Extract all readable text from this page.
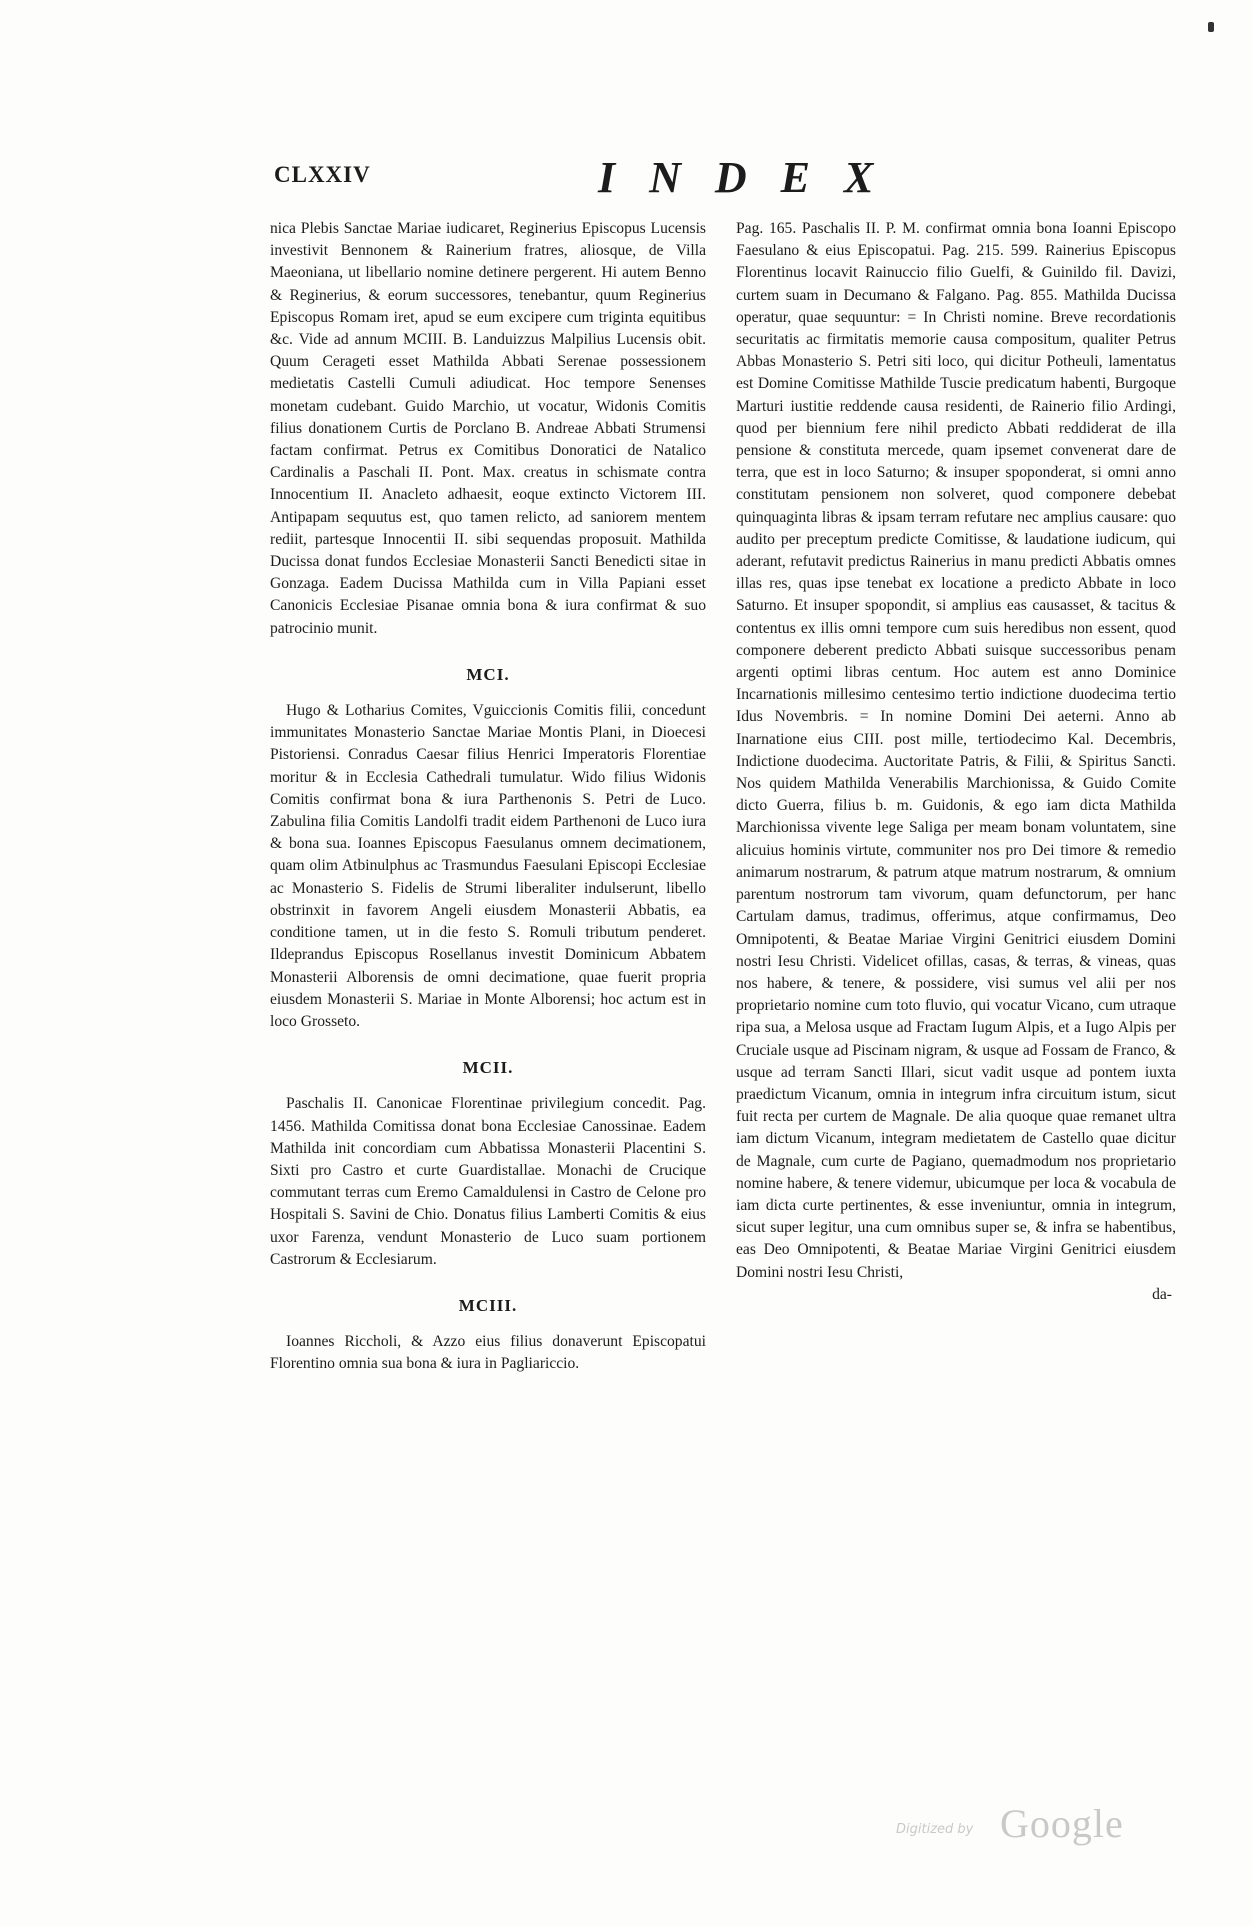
CLXXIV	INDEX

nica Plebis Sanctae Mariae iudicaret, Reginerius Episcopus Lucensis investivit Bennonem & Rainerium fratres, aliosque, de Villa Maeoniana, ut libellario nomine detinere pergerent. Hi autem Benno & Reginerius, & eorum successores, tenebantur, quum Reginerius Episcopus Romam iret, apud se eum excipere cum triginta equitibus &c. Vide ad annum MCIII. B. Landuizzus Malpilius Lucensis obit. Quum Cerageti esset Mathilda Abbati Serenae possessionem medietatis Castelli Cumuli adiudicat. Hoc tempore Senenses monetam cudebant. Guido Marchio, ut vocatur, Widonis Comitis filius donationem Curtis de Porclano B. Andreae Abbati Strumensi factam confirmat. Petrus ex Comitibus Donoratici de Natalico Cardinalis a Paschali II. Pont. Max. creatus in schismate contra Innocentium II. Anacleto adhaesit, eoque extincto Victorem III. Antipapam sequutus est, quo tamen relicto, ad saniorem mentem rediit, partesque Innocentii II. sibi sequendas proposuit. Mathilda Ducissa donat fundos Ecclesiae Monasterii Sancti Benedicti sitae in Gonzaga. Eadem Ducissa Mathilda cum in Villa Papiani esset Canonicis Ecclesiae Pisanae omnia bona & iura confirmat & suo patrocinio munit.

MCI.

Hugo & Lotharius Comites, Vguiccionis Comitis filii, concedunt immunitates Monasterio Sanctae Mariae Montis Plani, in Dioecesi Pistoriensi. Conradus Caesar filius Henrici Imperatoris Florentiae moritur & in Ecclesia Cathedrali tumulatur. Wido filius Widonis Comitis confirmat bona & iura Parthenonis S. Petri de Luco. Zabulina filia Comitis Landolfi tradit eidem Parthenoni de Luco iura & bona sua. Ioannes Episcopus Faesulanus omnem decimationem, quam olim Atbinulphus ac Trasmundus Faesulani Episcopi Ecclesiae ac Monasterio S. Fidelis de Strumi liberaliter indulserunt, libello obstrinxit in favorem Angeli eiusdem Monasterii Abbatis, ea conditione tamen, ut in die festo S. Romuli tributum penderet. Ildeprandus Episcopus Rosellanus investit Dominicum Abbatem Monasterii Alborensis de omni decimatione, quae fuerit propria eiusdem Monasterii S. Mariae in Monte Alborensi; hoc actum est in loco Grosseto.

MCII.

Paschalis II. Canonicae Florentinae privilegium concedit. Pag. 1456. Mathilda Comitissa donat bona Ecclesiae Canossinae. Eadem Mathilda init concordiam cum Abbatissa Monasterii Placentini S. Sixti pro Castro et curte Guardistallae. Monachi de Crucique commutant terras cum Eremo Camaldulensi in Castro de Celone pro Hospitali S. Savini de Chio. Donatus filius Lamberti Comitis & eius uxor Farenza, vendunt Monasterio de Luco suam portionem Castrorum & Ecclesiarum.

MCIII.

Ioannes Riccholi, & Azzo eius filius donaverunt Episcopatui Florentino omnia sua bona & iura in Pagliariccio.

Pag. 165. Paschalis II. P. M. confirmat omnia bona Ioanni Episcopo Faesulano & eius Episcopatui. Pag. 215. 599. Rainerius Episcopus Florentinus locavit Rainuccio filio Guelfi, & Guinildo fil. Davizi, curtem suam in Decumano & Falgano. Pag. 855. Mathilda Ducissa operatur, quae sequuntur: = In Christi nomine. Breve recordationis securitatis ac firmitatis memorie causa compositum, qualiter Petrus Abbas Monasterio S. Petri siti loco, qui dicitur Potheuli, lamentatus est Domine Comitisse Mathilde Tuscie predicatum habenti, Burgoque Marturi iustitie reddende causa residenti, de Rainerio filio Ardingi, quod per biennium fere nihil predicto Abbati reddiderat de illa pensione & constituta mercede, quam ipsemet convenerat dare de terra, que est in loco Saturno; & insuper spoponderat, si omni anno constitutam pensionem non solveret, quod componere debebat quinquaginta libras & ipsam terram refutare nec amplius causare: quo audito per preceptum predicte Comitisse, & laudatione iudicum, qui aderant, refutavit predictus Rainerius in manu predicti Abbatis omnes illas res, quas ipse tenebat ex locatione a predicto Abbate in loco Saturno. Et insuper spopondit, si amplius eas causasset, & tacitus & contentus ex illis omni tempore cum suis heredibus non essent, quod componere deberent predicto Abbati suisque successoribus penam argenti optimi libras centum. Hoc autem est anno Dominice Incarnationis millesimo centesimo tertio indictione duodecima tertio Idus Novembris. = In nomine Domini Dei aeterni. Anno ab Inarnatione eius CIII. post mille, tertiodecimo Kal. Decembris, Indictione duodecima. Auctoritate Patris, & Filii, & Spiritus Sancti. Nos quidem Mathilda Venerabilis Marchionissa, & Guido Comite dicto Guerra, filius b. m. Guidonis, & ego iam dicta Mathilda Marchionissa vivente lege Saliga per meam bonam voluntatem, sine alicuius hominis virtute, communiter nos pro Dei timore & remedio animarum nostrarum, & patrum atque matrum nostrarum, & omnium parentum nostrorum tam vivorum, quam defunctorum, per hanc Cartulam damus, tradimus, offerimus, atque confirmamus, Deo Omnipotenti, & Beatae Mariae Virgini Genitrici eiusdem Domini nostri Iesu Christi. Videlicet ofillas, casas, & terras, & vineas, quas nos habere, & tenere, & possidere, visi sumus vel alii per nos proprietario nomine cum toto fluvio, qui vocatur Vicano, cum utraque ripa sua, a Melosa usque ad Fractam Iugum Alpis, et a Iugo Alpis per Cruciale usque ad Piscinam nigram, & usque ad Fossam de Franco, & usque ad terram Sancti Illari, sicut vadit usque ad pontem iuxta praedictum Vicanum, omnia in integrum infra circuitum istum, sicut fuit recta per curtem de Magnale. De alia quoque quae remanet ultra iam dictum Vicanum, integram medietatem de Castello quae dicitur de Magnale, cum curte de Pagiano, quemadmodum nos proprietario nomine habere, & tenere videmur, ubicumque per loca & vocabula de iam dicta curte pertinentes, & esse inveniuntur, omnia in integrum, sicut super legitur, una cum omnibus super se, & infra se habentibus, eas Deo Omnipotenti, & Beatae Mariae Virgini Genitrici eiusdem Domini nostri Iesu Christi,

da-

Digitized by Google
